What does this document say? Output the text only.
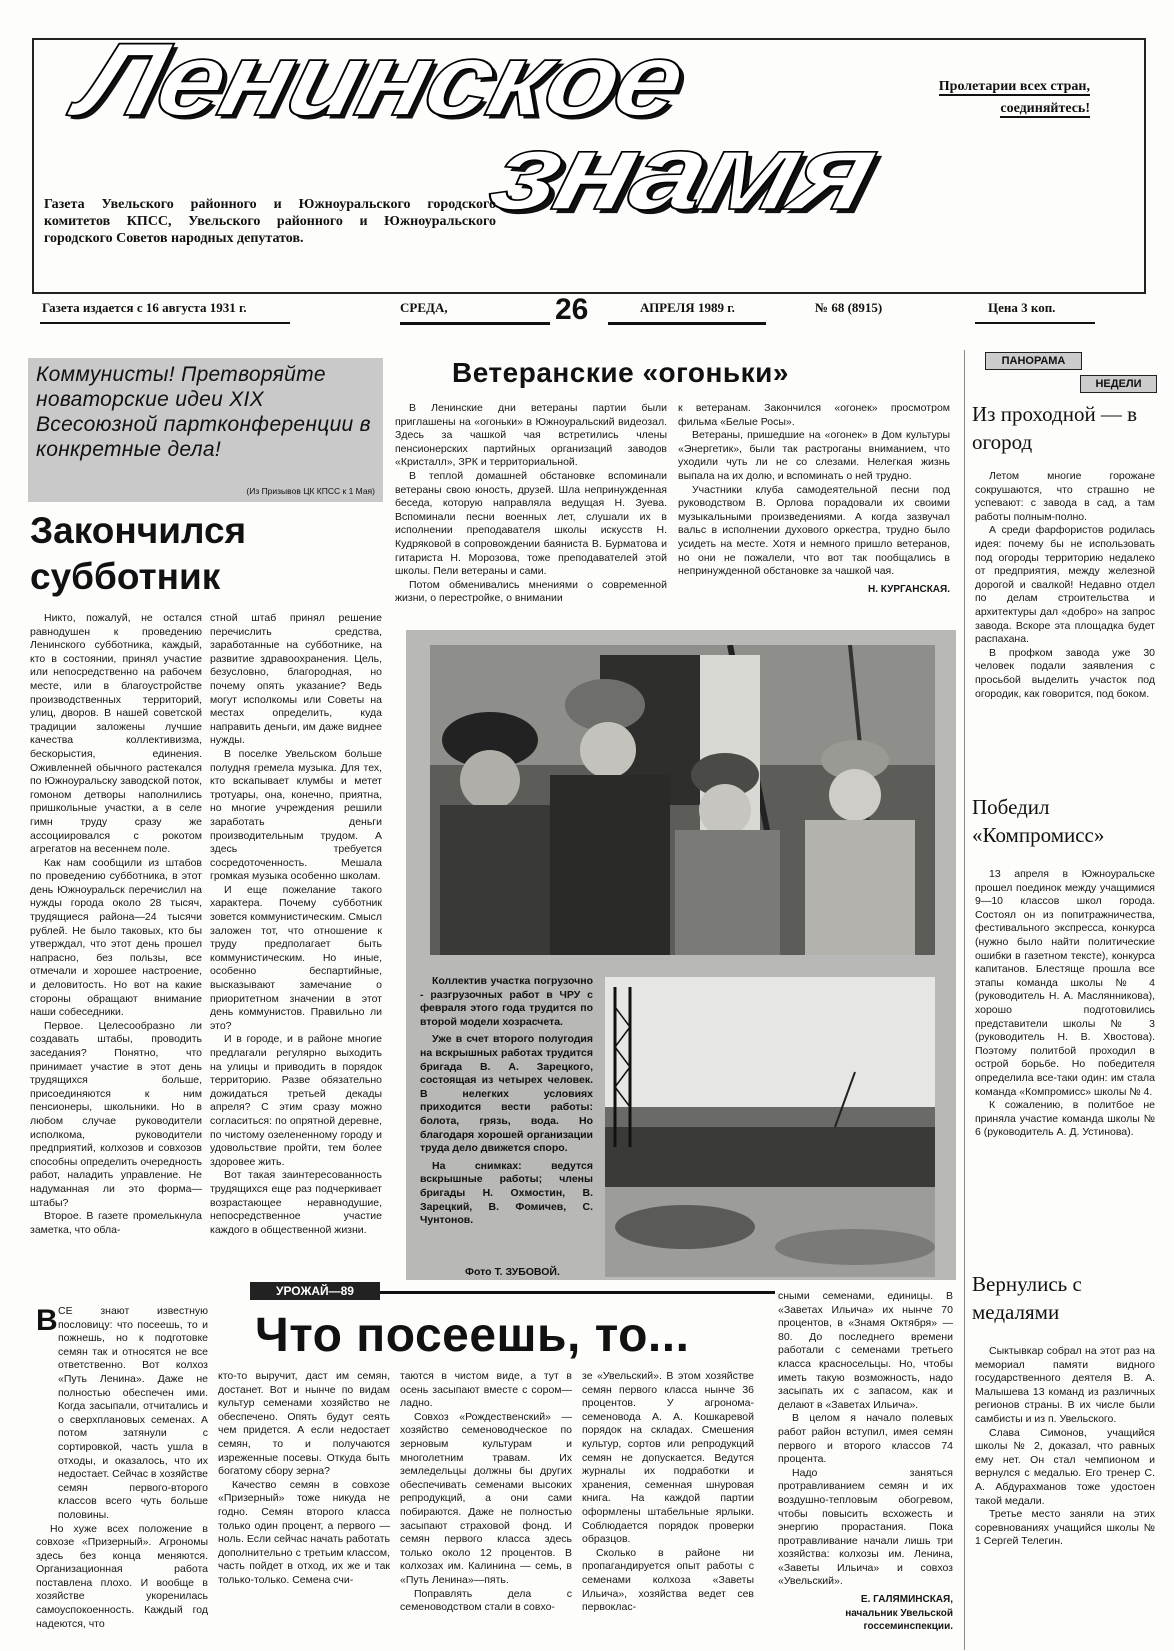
Ленинское
знамя
Пролетарии всех стран,
соединяйтесь!
Газета Увельского районного и Южноуральского городского комитетов КПСС, Увельского районного и Южноуральского городского Советов народных депутатов.
Газета издается с 16 августа 1931 г.	СРЕДА,	26	АПРЕЛЯ 1989 г.	№ 68 (8915)	Цена 3 коп.
Коммунисты! Претворяйте новаторские идеи XIX Всесоюзной партконференции в конкретные дела!
(Из Призывов ЦК КПСС к 1 Мая)
Закончился субботник

Никто, пожалуй, не остался равнодушен к проведению Ленинского субботника, каждый, кто в состоянии, принял участие или непосредственно на рабочем месте, или в благоустройстве производственных территорий, улиц, дворов. В нашей советской традиции заложены лучшие качества коллективизма, бескорыстия, единения. Оживленней обычного растекался по Южноуральску заводской поток, гомоном детворы наполнились пришкольные участки, а в селе гимн труду сразу же ассоциировался с рокотом агрегатов на весеннем поле.

Как нам сообщили из штабов по проведению субботника, в этот день Южноуральск перечислил на нужды города около 28 тысяч, трудящиеся района—24 тысячи рублей. Не было таковых, кто бы утверждал, что этот день прошел напрасно, без пользы, все отмечали и хорошее настроение, и деловитость. Но вот на какие стороны обращают внимание наши собеседники.

Первое. Целесообразно ли создавать штабы, проводить заседания? Понятно, что принимает участие в этот день трудящихся больше, присоединяются к ним пенсионеры, школьники. Но в любом случае руководители исполкома, руководители предприятий, колхозов и совхозов способны определить очередность работ, наладить управление. Не надуманная ли это форма—штабы?

Второе. В газете промелькнула заметка, что обла-

стной штаб принял решение перечислить средства, заработанные на субботнике, на развитие здравоохранения. Цель, безусловно, благородная, но почему опять указание? Ведь могут исполкомы или Советы на местах определить, куда направить деньги, им даже виднее нужды.

В поселке Увельском больше полудня гремела музыка. Для тех, кто вскапывает клумбы и метет тротуары, она, конечно, приятна, но многие учреждения решили заработать деньги производительным трудом. А здесь требуется сосредоточенность. Мешала громкая музыка особенно школам.

И еще пожелание такого характера. Почему субботник зовется коммунистическим. Смысл заложен тот, что отношение к труду предполагает быть коммунистическим. Но иные, особенно беспартийные, высказывают замечание о приоритетном значении в этот день коммунистов. Правильно ли это?

И в городе, и в районе многие предлагали регулярно выходить на улицы и приводить в порядок территорию. Разве обязательно дожидаться третьей декады апреля? С этим сразу можно согласиться: по опрятной деревне, по чистому озелененному городу и удовольствие пройти, тем более здоровее жить.

Вот такая заинтересованность трудящихся еще раз подчеркивает возрастающее неравнодушие, непосредственное участие каждого в общественной жизни.

Ветеранские «огоньки»

В Ленинские дни ветераны партии были приглашены на «огоньки» в Южноуральский видеозал. Здесь за чашкой чая встретились члены пенсионерских партийных организаций заводов «Кристалл», ЗРК и территориальной.

В теплой домашней обстановке вспоминали ветераны свою юность, друзей. Шла непринужденная беседа, которую направляла ведущая Н. Зуева. Вспоминали песни военных лет, слушали их в исполнении преподавателя школы искусств Н. Кудряковой в сопровождении баяниста В. Бурматова и гитариста Н. Морозова, тоже преподавателей этой школы. Пели ветераны и сами.

Потом обменивались мнениями о современной жизни, о перестройке, о внимании

к ветеранам. Закончился «огонек» просмотром фильма «Белые Росы».

Ветераны, пришедшие на «огонек» в Дом культуры «Энергетик», были так растроганы вниманием, что уходили чуть ли не со слезами. Нелегкая жизнь выпала на их долю, и вспоминать о ней трудно.

Участники клуба самодеятельной песни под руководством В. Орлова порадовали их своими музыкальными произведениями. А когда зазвучал вальс в исполнении духового оркестра, трудно было усидеть на месте. Хотя и немного пришло ветеранов, но они не пожалели, что вот так пообщались в непринужденной обстановке за чашкой чая.

Н. КУРГАНСКАЯ.

Коллектив участка погрузочно - разгрузочных работ в ЧРУ с февраля этого года трудится по второй модели хозрасчета.

Уже в счет второго полугодия на вскрышных работах трудится бригада В. А. Зарецкого, состоящая из четырех человек. В нелегких условиях приходится вести работы: болота, грязь, вода. Но благодаря хорошей организации труда дело движется споро.

На снимках: ведутся вскрышные работы; члены бригады Н. Охмостин, В. Зарецкий, В. Фомичев, С. Чунтонов.

Фото Т. ЗУБОВОЙ.
ПАНОРАМА
НЕДЕЛИ
Из проходной — в огород

Летом многие горожане сокрушаются, что страшно не успевают: с завода в сад, а там работы полным-полно.

А среди фарфористов родилась идея: почему бы не использовать под огороды территорию недалеко от предприятия, между железной дорогой и свалкой! Недавно отдел по делам строительства и архитектуры дал «добро» на запрос завода. Вскоре эта площадка будет распахана.

В профком завода уже 30 человек подали заявления с просьбой выделить участок под огородик, как говорится, под боком.

Победил «Компромисс»

13 апреля в Южноуральске прошел поединок между учащимися 9—10 классов школ города. Состоял он из попитражничества, фестивального экспресса, конкурса (нужно было найти политические ошибки в газетном тексте), конкурса капитанов. Блестяще прошла все этапы команда школы № 4 (руководитель Н. А. Маслянникова), хорошо подготовились представители школы № 3 (руководитель Н. В. Хвостова). Поэтому политбой проходил в острой борьбе. Но победителя определила все-таки один: им стала команда «Компромисс» школы № 4.

К сожалению, в политбое не приняла участие команда школы № 6 (руководитель А. Д. Устинова).

Вернулись с медалями

Сыктывкар собрал на этот раз на мемориал памяти видного государственного деятеля В. А. Малышева 13 команд из различных регионов страны. В их числе были самбисты и из п. Увельского.

Слава Симонов, учащийся школы № 2, доказал, что равных ему нет. Он стал чемпионом и вернулся с медалью. Его тренер С. А. Абдурахманов тоже удостоен такой медали.

Третье место заняли на этих соревнованиях учащийся школы № 1 Сергей Телегин.

УРОЖАЙ—89
Что посеешь, то...
В СЕ знают известную пословицу: что посеешь, то и пожнешь, но к подготовке семян так и относятся не все ответственно. Вот колхоз «Путь Ленина». Даже не полностью обеспечен ими. Когда засыпали, отчитались и о сверхплановых семенах. А потом затянули с сортировкой, часть ушла в отходы, и оказалось, что их недостает. Сейчас в хозяйстве семян первого-второго классов всего чуть больше половины.

Но хуже всех положение в совхозе «Призерный». Агрономы здесь без конца меняются. Организационная работа поставлена плохо. И вообще в хозяйстве укоренилась самоуспокоенность. Каждый год надеются, что

кто-то выручит, даст им семян, достанет. Вот и нынче по видам культур семенами хозяйство не обеспечено. Опять будут сеять чем придется. А если недостает семян, то и получаются изреженные посевы. Откуда быть богатому сбору зерна?

Качество семян в совхозе «Призерный» тоже никуда не годно. Семян второго класса только один процент, а первого —ноль. Если сейчас начать работать дополнительно с третьим классом, часть пойдет в отход, их же и так только-только. Семена счи-

таются в чистом виде, а тут в осень засыпают вместе с сором—ладно.

Совхоз «Рождественский» — хозяйство семеноводческое по зерновым культурам и многолетним травам. Их земледельцы должны бы других обеспечивать семенами высоких репродукций, а они сами побираются. Даже не полностью засыпают страховой фонд. И семян первого класса здесь только около 12 процентов. В колхозах им. Калинина — семь, в «Путь Ленина»—пять.

Поправлять дела с семеноводством стали в совхо-

зе «Увельский». В этом хозяйстве семян первого класса нынче 36 процентов. У агронома-семеновода А. А. Кошкаревой порядок на складах. Смешения культур, сортов или репродукций семян не допускается. Ведутся журналы их подработки и хранения, семенная шнуровая книга. На каждой партии оформлены штабельные ярлыки. Соблюдается порядок проверки образцов.

Сколько в районе ни пропагандируется опыт работы с семенами колхоза «Заветы Ильича», хозяйства ведет сев первоклас-

сными семенами, единицы. В «Заветах Ильича» их нынче 70 процентов, в «Знамя Октября» — 80. До последнего времени работали с семенами третьего класса красносельцы. Но, чтобы иметь такую возможность, надо засыпать их с запасом, как и делают в «Заветах Ильича».

В целом я начало полевых работ район вступил, имея семян первого и второго классов 74 процента.

Надо заняться протравливанием семян и их воздушно-тепловым обогревом, чтобы повысить всхожесть и энергию прорастания. Пока протравливание начали лишь три хозяйства: колхозы им. Ленина, «Заветы Ильича» и совхоз «Увельский».

Е. ГАЛЯМИНСКАЯ,

начальник Увельской госсеминспекции.
